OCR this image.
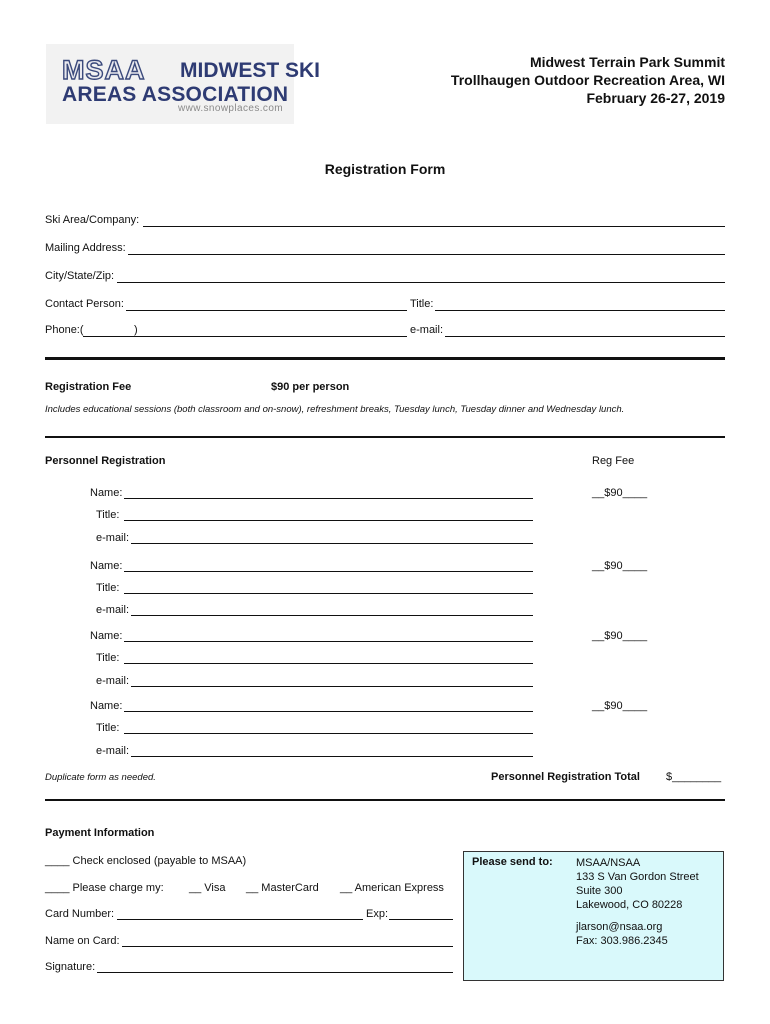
MSAA MIDWEST SKI
AREAS ASSOCIATION
www.snowplaces.com
Midwest Terrain Park Summit
Trollhaugen Outdoor Recreation Area, WI
February 26-27, 2019
Registration Form
Ski Area/Company:
Mailing Address:
City/State/Zip:
Contact Person:	Title:
Phone:(	)	e-mail:
Registration Fee	$90 per person
Includes educational sessions (both classroom and on-snow), refreshment breaks, Tuesday lunch, Tuesday dinner and Wednesday lunch.
Personnel Registration	Reg Fee
Name:	__$90____
Title:
e-mail:
Name:	__$90____
Title:
e-mail:
Name:	__$90____
Title:
e-mail:
Name:	__$90____
Title:
e-mail:
Duplicate form as needed.	Personnel Registration Total $________
Payment Information
____ Check enclosed (payable to MSAA)
____ Please charge my: __ Visa __ MasterCard __ American Express
Card Number:	Exp:
Name on Card:
Signature:
Please send to: MSAA/NSAA
133 S Van Gordon Street
Suite 300
Lakewood, CO 80228
jlarson@nsaa.org
Fax: 303.986.2345
